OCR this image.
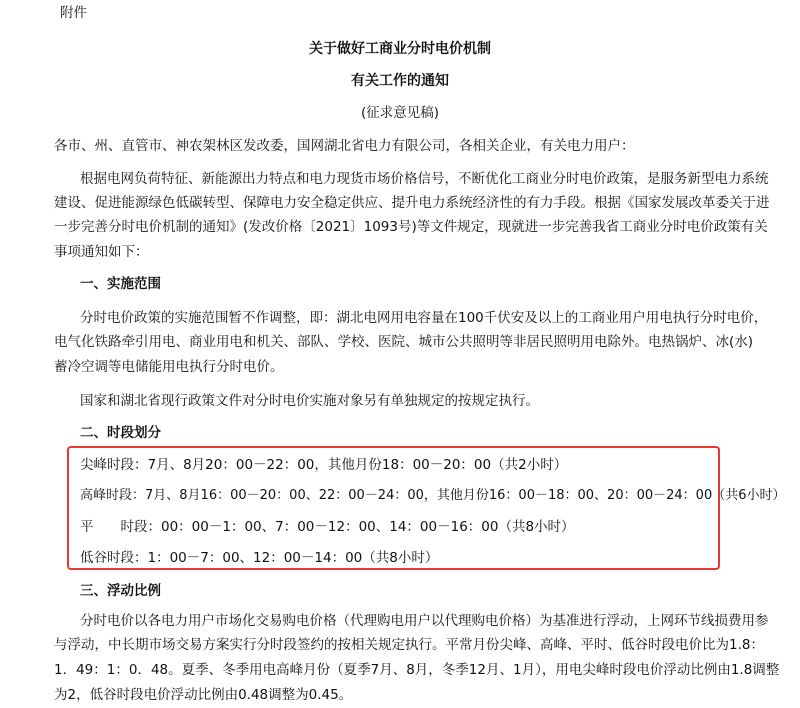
附件
关于做好工商业分时电价机制
有关工作的通知
(征求意见稿)
各市、州、直管市、神农架林区发改委，国网湖北省电力有限公司，各相关企业，有关电力用户：
根据电网负荷特征、新能源出力特点和电力现货市场价格信号，不断优化工商业分时电价政策，是服务新型电力系统
建设、促进能源绿色低碳转型、保障电力安全稳定供应、提升电力系统经济性的有力手段。根据《国家发展改革委关于进
一步完善分时电价机制的通知》(发改价格〔2021〕1093号)等文件规定，现就进一步完善我省工商业分时电价政策有关
事项通知如下：
一、实施范围
分时电价政策的实施范围暂不作调整，即：湖北电网用电容量在100千伏安及以上的工商业用户用电执行分时电价，
电气化铁路牵引用电、商业用电和机关、部队、学校、医院、城市公共照明等非居民照明用电除外。电热锅炉、冰(水)
蓄冷空调等电储能用电执行分时电价。
国家和湖北省现行政策文件对分时电价实施对象另有单独规定的按规定执行。
二、时段划分
尖峰时段：7月、8月20：00－22：00，其他月份18：00－20：00（共2小时）
高峰时段：7月、8月16：00－20：00、22：00－24：00，其他月份16：00－18：00、20：00－24：00（共6小时）
平　　时段：00：00－1：00、7：00－12：00、14：00－16：00（共8小时）
低谷时段：1：00－7：00、12：00－14：00（共8小时）
三、浮动比例
分时电价以各电力用户市场化交易购电价格（代理购电用户以代理购电价格）为基准进行浮动，上网环节线损费用参
与浮动，中长期市场交易方案实行分时段签约的按相关规定执行。平常月份尖峰、高峰、平时、低谷时段电价比为1.8：
1．49：1：0．48。夏季、冬季用电高峰月份（夏季7月、8月，冬季12月、1月），用电尖峰时段电价浮动比例由1.8调整
为2，低谷时段电价浮动比例由0.48调整为0.45。
